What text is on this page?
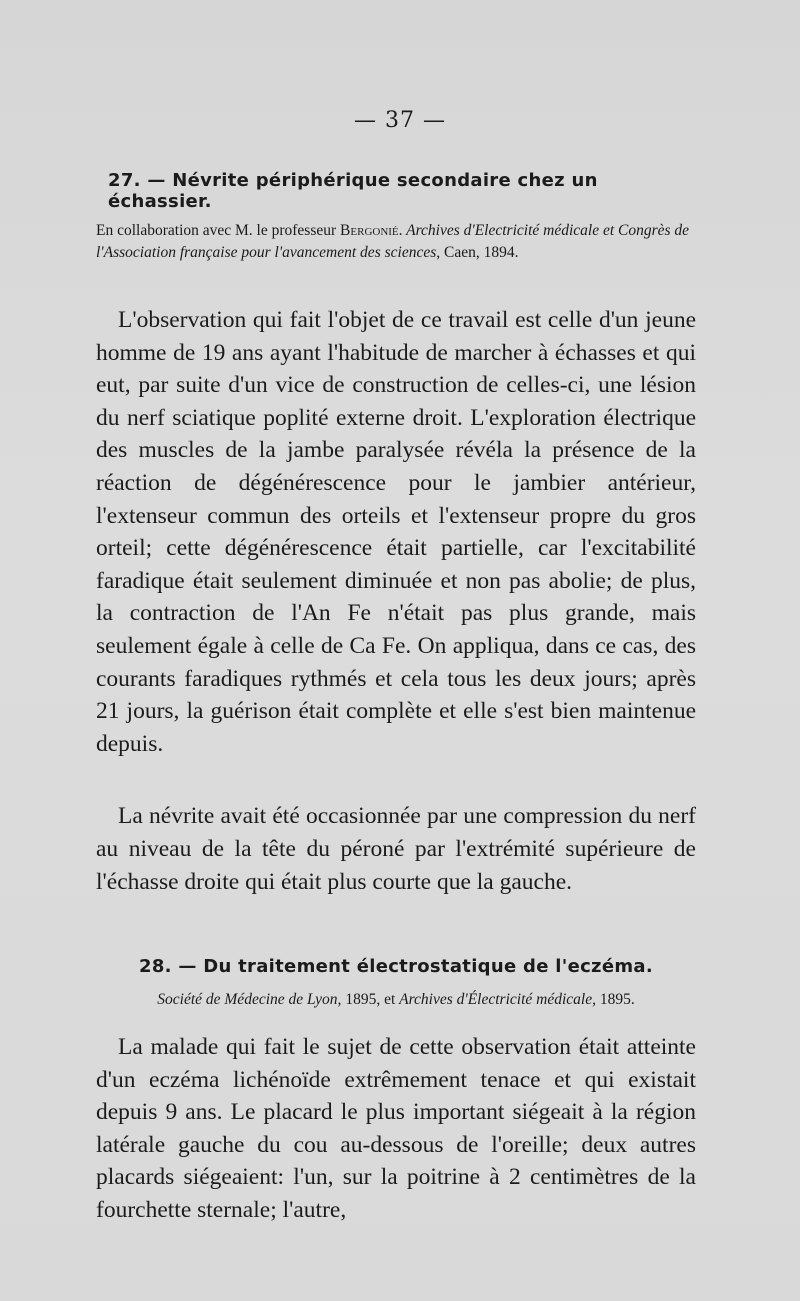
— 37 —
27. — Névrite périphérique secondaire chez un échassier.

En collaboration avec M. le professeur Bergonié. Archives d'Electricité médicale et Congrès de l'Association française pour l'avancement des sciences, Caen, 1894.

L'observation qui fait l'objet de ce travail est celle d'un jeune homme de 19 ans ayant l'habitude de marcher à échasses et qui eut, par suite d'un vice de construction de celles-ci, une lésion du nerf sciatique poplité externe droit. L'exploration électrique des muscles de la jambe paralysée révéla la présence de la réaction de dégénérescence pour le jambier antérieur, l'extenseur commun des orteils et l'extenseur propre du gros orteil; cette dégénérescence était partielle, car l'excitabilité faradique était seulement diminuée et non pas abolie; de plus, la contraction de l'An Fe n'était pas plus grande, mais seulement égale à celle de Ca Fe. On appliqua, dans ce cas, des courants faradiques rythmés et cela tous les deux jours; après 21 jours, la guérison était complète et elle s'est bien maintenue depuis.

La névrite avait été occasionnée par une compression du nerf au niveau de la tête du péroné par l'extrémité supérieure de l'échasse droite qui était plus courte que la gauche.

28. — Du traitement électrostatique de l'eczéma.

Société de Médecine de Lyon, 1895, et Archives d'Électricité médicale, 1895.

La malade qui fait le sujet de cette observation était atteinte d'un eczéma lichénoïde extrêmement tenace et qui existait depuis 9 ans. Le placard le plus important siégeait à la région latérale gauche du cou au-dessous de l'oreille; deux autres placards siégeaient: l'un, sur la poitrine à 2 centimètres de la fourchette sternale; l'autre,
